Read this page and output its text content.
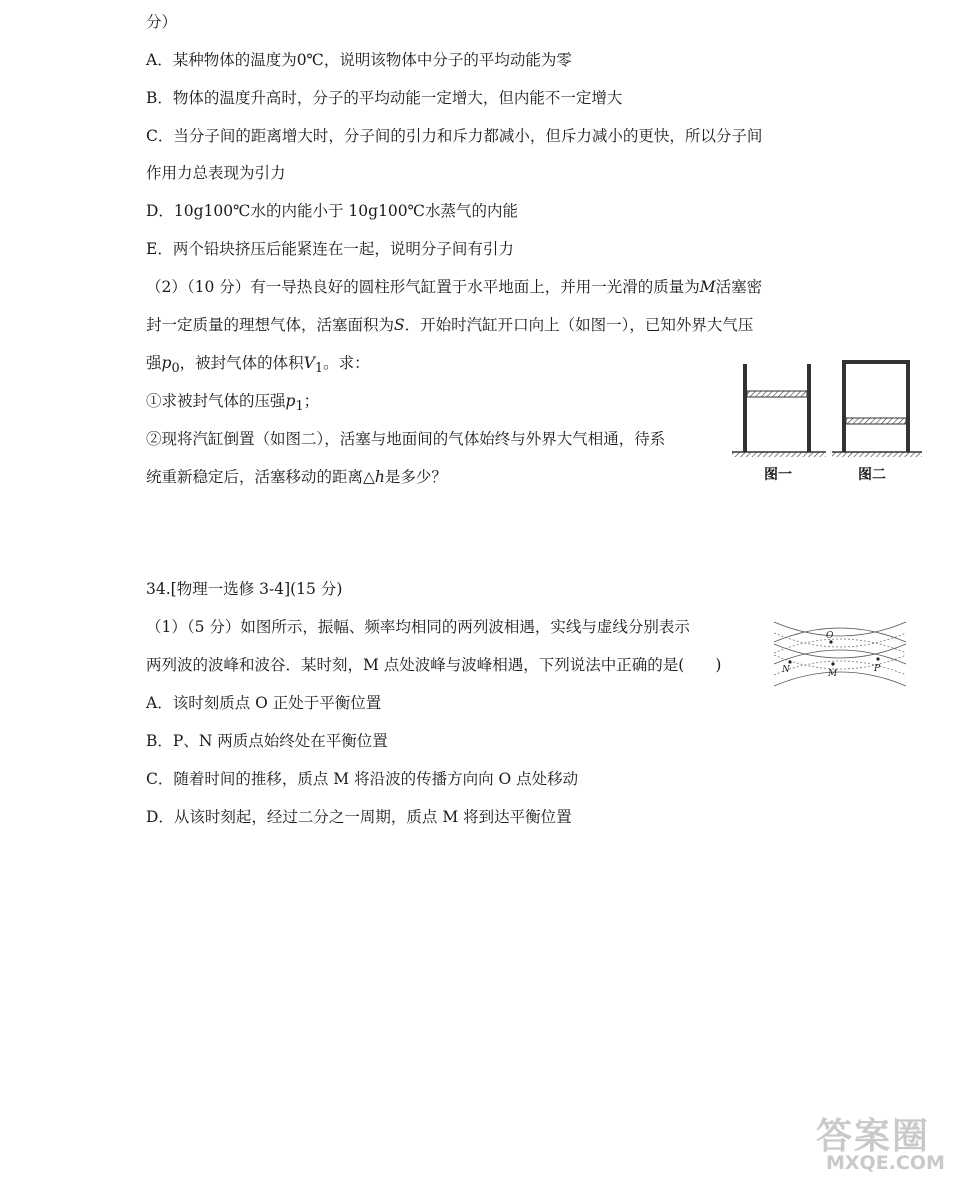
分）
A．某种物体的温度为0℃，说明该物体中分子的平均动能为零
B．物体的温度升高时，分子的平均动能一定增大，但内能不一定增大
C．当分子间的距离增大时，分子间的引力和斥力都减小，但斥力减小的更快，所以分子间
作用力总表现为引力
D．10g100℃水的内能小于 10g100℃水蒸气的内能
E．两个铅块挤压后能紧连在一起，说明分子间有引力
（2）（10 分）有一导热良好的圆柱形气缸置于水平地面上，并用一光滑的质量为M活塞密
封一定质量的理想气体，活塞面积为S．开始时汽缸开口向上（如图一），已知外界大气压
强$p_0$，被封气体的体积$V_1$。求：
①求被封气体的压强$p_1$；
②现将汽缸倒置（如图二），活塞与地面间的气体始终与外界大气相通，待系
统重新稳定后，活塞移动的距离△h是多少？	图一	图二
34.[物理一选修 3-4](15 分)
（1）（5 分）如图所示，振幅、频率均相同的两列波相遇，实线与虚线分别表示
两列波的波峰和波谷．某时刻，M 点处波峰与波峰相遇，下列说法中正确的是(　　)
A．该时刻质点 O 正处于平衡位置
B．P、N 两质点始终处在平衡位置
C．随着时间的推移，质点 M 将沿波的传播方向向 O 点处移动
D．从该时刻起，经过二分之一周期，质点 M 将到达平衡位置
O
N	M	P
答案圈
MXQE.COM
